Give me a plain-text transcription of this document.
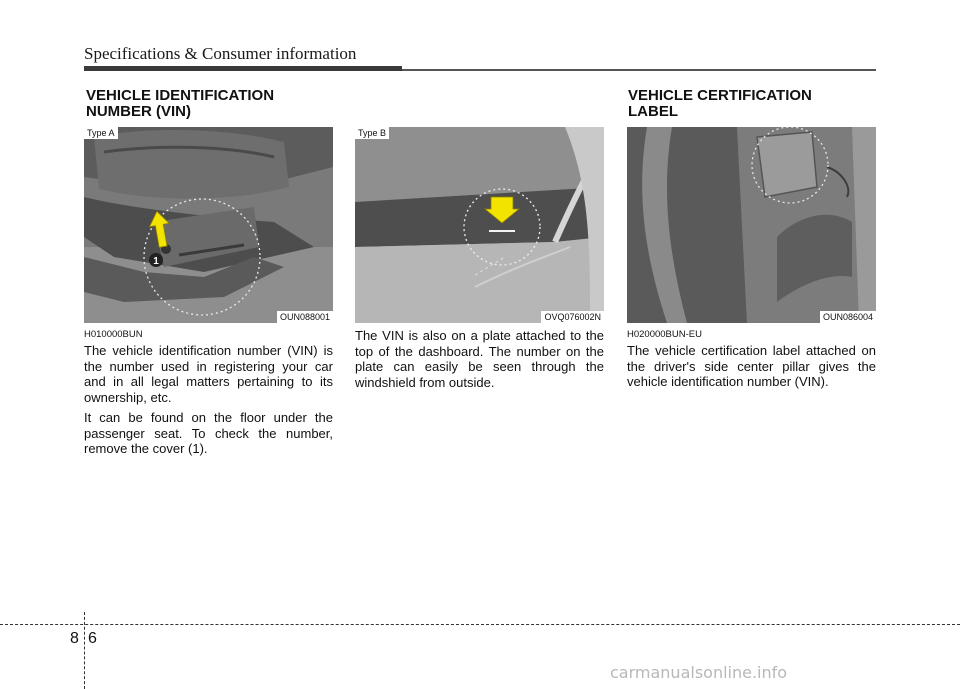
Specifications & Consumer information
VEHICLE IDENTIFICATION
NUMBER (VIN)
VEHICLE CERTIFICATION
LABEL
1
Type A
OUN088001
Type B
OVQ076002N	OUN086004
H010000BUN

The vehicle identification number (VIN) is the number used in registering your car and in all legal matters pertaining to its ownership, etc.

It can be found on the floor under the passenger seat. To check the number, remove the cover (1).

The VIN is also on a plate attached to the top of the dashboard. The number on the plate can easily be seen through the windshield from outside.

H020000BUN-EU

The vehicle certification label attached on the driver's side center pillar gives the vehicle identification number (VIN).

8 6
carmanualsonline.info
